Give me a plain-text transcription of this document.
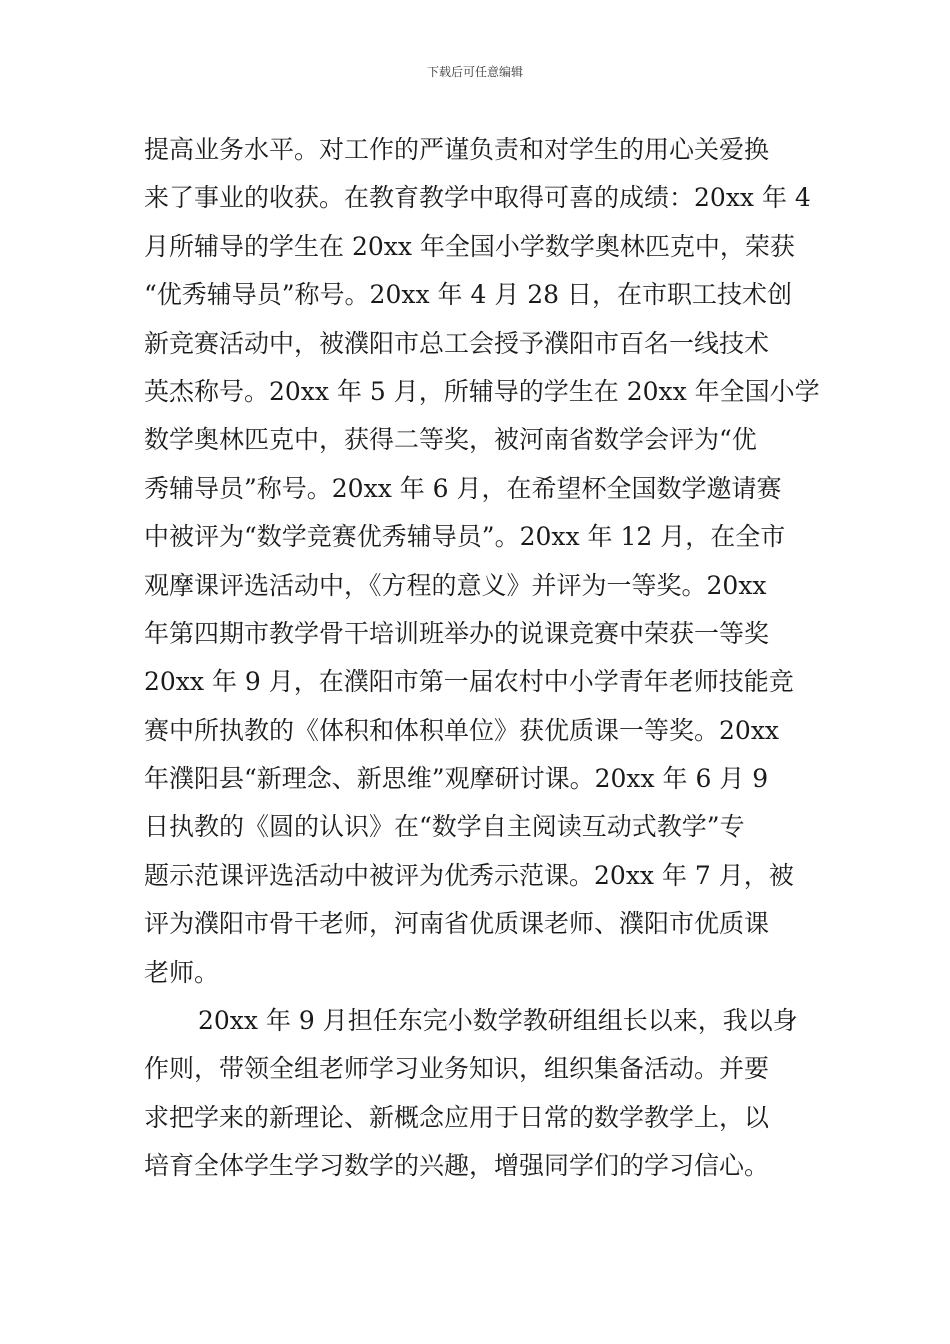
下载后可任意编辑
提高业务水平。对工作的严谨负责和对学生的用心关爱换
来了事业的收获。在教育教学中取得可喜的成绩：20xx 年 4
月所辅导的学生在 20xx 年全国小学数学奥林匹克中，荣获
“优秀辅导员”称号。20xx 年 4 月 28 日，在市职工技术创
新竞赛活动中，被濮阳市总工会授予濮阳市百名一线技术
英杰称号。20xx 年 5 月，所辅导的学生在 20xx 年全国小学
数学奥林匹克中，获得二等奖，被河南省数学会评为“优
秀辅导员”称号。20xx 年 6 月，在希望杯全国数学邀请赛
中被评为“数学竞赛优秀辅导员”。20xx 年 12 月，在全市
观摩课评选活动中，《方程的意义》并评为一等奖。20xx
年第四期市教学骨干培训班举办的说课竞赛中荣获一等奖
20xx 年 9 月，在濮阳市第一届农村中小学青年老师技能竞
赛中所执教的《体积和体积单位》获优质课一等奖。20xx
年濮阳县“新理念、新思维”观摩研讨课。20xx 年 6 月 9
日执教的《圆的认识》在“数学自主阅读互动式教学”专
题示范课评选活动中被评为优秀示范课。20xx 年 7 月，被
评为濮阳市骨干老师，河南省优质课老师、濮阳市优质课
老师。
20xx 年 9 月担任东完小数学教研组组长以来，我以身
作则，带领全组老师学习业务知识，组织集备活动。并要
求把学来的新理论、新概念应用于日常的数学教学上，以
培育全体学生学习数学的兴趣，增强同学们的学习信心。
